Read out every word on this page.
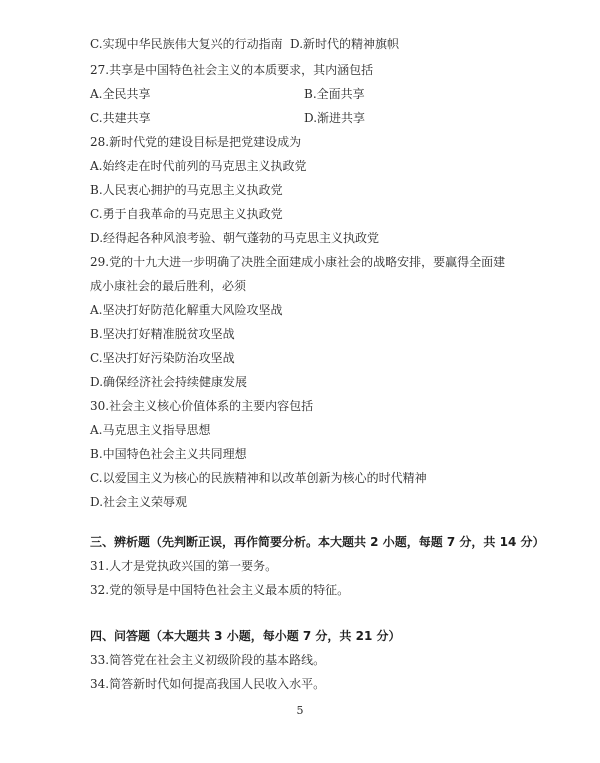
C.实现中华民族伟大复兴的行动指南 D.新时代的精神旗帜
27.共享是中国特色社会主义的本质要求，其内涵包括
A.全民共享	B.全面共享
C.共建共享	D.渐进共享
28.新时代党的建设目标是把党建设成为
A.始终走在时代前列的马克思主义执政党
B.人民衷心拥护的马克思主义执政党
C.勇于自我革命的马克思主义执政党
D.经得起各种风浪考验、朝气蓬勃的马克思主义执政党
29.党的十九大进一步明确了决胜全面建成小康社会的战略安排，要赢得全面建成小康社会的最后胜利，必须
A.坚决打好防范化解重大风险攻坚战
B.坚决打好精准脱贫攻坚战
C.坚决打好污染防治攻坚战
D.确保经济社会持续健康发展
30.社会主义核心价值体系的主要内容包括
A.马克思主义指导思想
B.中国特色社会主义共同理想
C.以爱国主义为核心的民族精神和以改革创新为核心的时代精神
D.社会主义荣辱观
三、辨析题（先判断正误，再作简要分析。本大题共 2 小题，每题 7 分，共 14 分）
31.人才是党执政兴国的第一要务。
32.党的领导是中国特色社会主义最本质的特征。
四、问答题（本大题共 3 小题，每小题 7 分，共 21 分）
33.简答党在社会主义初级阶段的基本路线。
34.简答新时代如何提高我国人民收入水平。
5
